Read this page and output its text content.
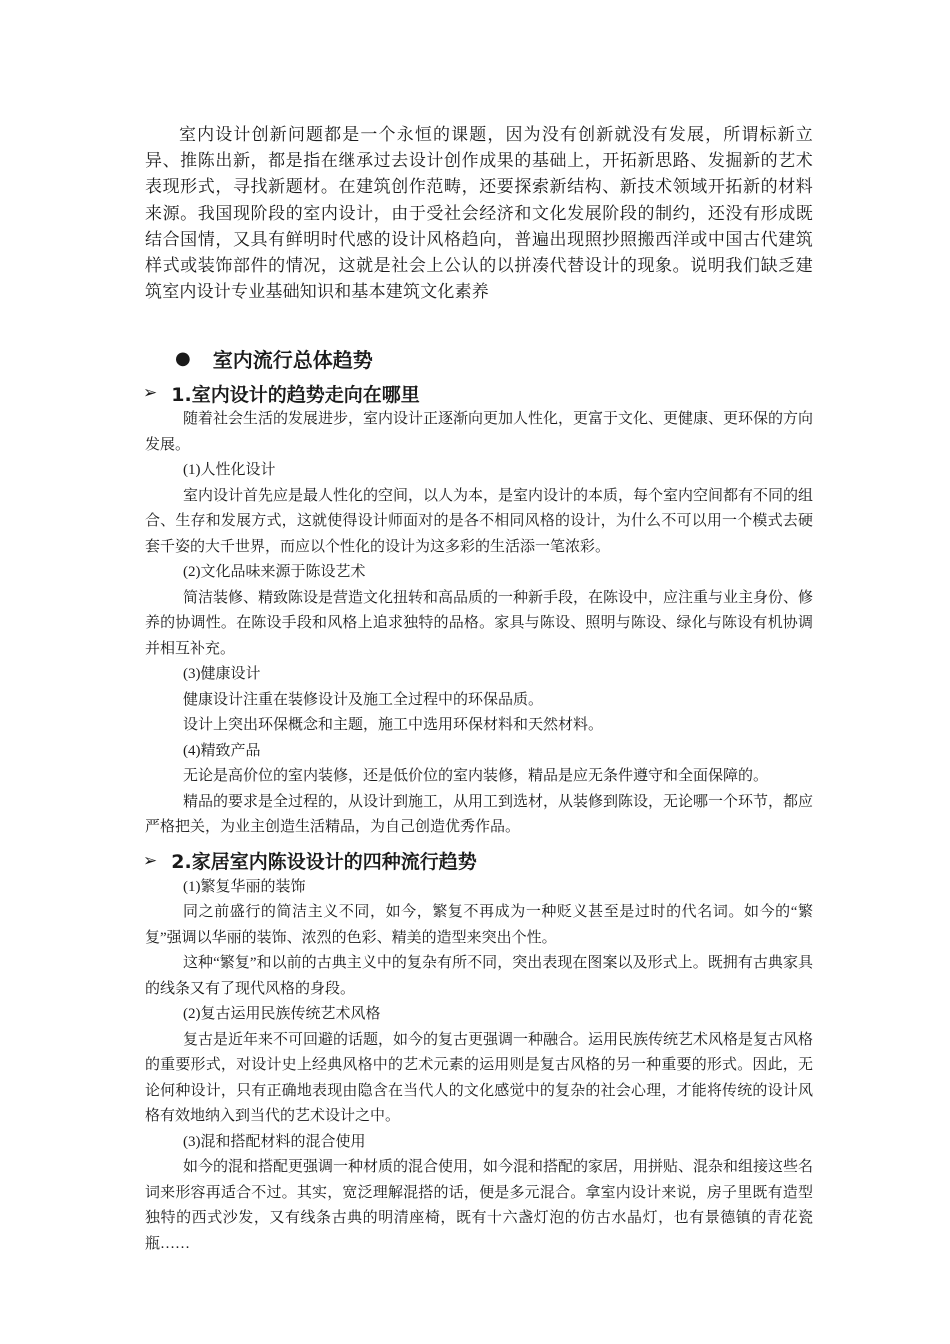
室内设计创新问题都是一个永恒的课题，因为没有创新就没有发展，所谓标新立异、推陈出新，都是指在继承过去设计创作成果的基础上，开拓新思路、发掘新的艺术表现形式，寻找新题材。在建筑创作范畴，还要探索新结构、新技术领域开拓新的材料来源。我国现阶段的室内设计，由于受社会经济和文化发展阶段的制约，还没有形成既结合国情，又具有鲜明时代感的设计风格趋向，普遍出现照抄照搬西洋或中国古代建筑样式或装饰部件的情况，这就是社会上公认的以拼凑代替设计的现象。说明我们缺乏建筑室内设计专业基础知识和基本建筑文化素养

● 室内流行总体趋势
➢ 1.室内设计的趋势走向在哪里

随着社会生活的发展进步，室内设计正逐渐向更加人性化，更富于文化、更健康、更环保的方向发展。

(1)人性化设计

室内设计首先应是最人性化的空间，以人为本，是室内设计的本质，每个室内空间都有不同的组合、生存和发展方式，这就使得设计师面对的是各不相同风格的设计，为什么不可以用一个模式去硬套千姿的大千世界，而应以个性化的设计为这多彩的生活添一笔浓彩。

(2)文化品味来源于陈设艺术

简洁装修、精致陈设是营造文化扭转和高品质的一种新手段，在陈设中，应注重与业主身份、修养的协调性。在陈设手段和风格上追求独特的品格。家具与陈设、照明与陈设、绿化与陈设有机协调并相互补充。

(3)健康设计

健康设计注重在装修设计及施工全过程中的环保品质。

设计上突出环保概念和主题，施工中选用环保材料和天然材料。

(4)精致产品

无论是高价位的室内装修，还是低价位的室内装修，精品是应无条件遵守和全面保障的。

精品的要求是全过程的，从设计到施工，从用工到选材，从装修到陈设，无论哪一个环节，都应严格把关，为业主创造生活精品，为自己创造优秀作品。

➢ 2.家居室内陈设设计的四种流行趋势

(1)繁复华丽的装饰

同之前盛行的简洁主义不同，如今，繁复不再成为一种贬义甚至是过时的代名词。如今的“繁复”强调以华丽的装饰、浓烈的色彩、精美的造型来突出个性。

这种“繁复”和以前的古典主义中的复杂有所不同，突出表现在图案以及形式上。既拥有古典家具的线条又有了现代风格的身段。

(2)复古运用民族传统艺术风格

复古是近年来不可回避的话题，如今的复古更强调一种融合。运用民族传统艺术风格是复古风格的重要形式，对设计史上经典风格中的艺术元素的运用则是复古风格的另一种重要的形式。因此，无论何种设计，只有正确地表现由隐含在当代人的文化感觉中的复杂的社会心理，才能将传统的设计风格有效地纳入到当代的艺术设计之中。

(3)混和搭配材料的混合使用

如今的混和搭配更强调一种材质的混合使用，如今混和搭配的家居，用拼贴、混杂和组接这些名词来形容再适合不过。其实，宽泛理解混搭的话，便是多元混合。拿室内设计来说，房子里既有造型独特的西式沙发，又有线条古典的明清座椅，既有十六盏灯泡的仿古水晶灯，也有景德镇的青花瓷瓶……
